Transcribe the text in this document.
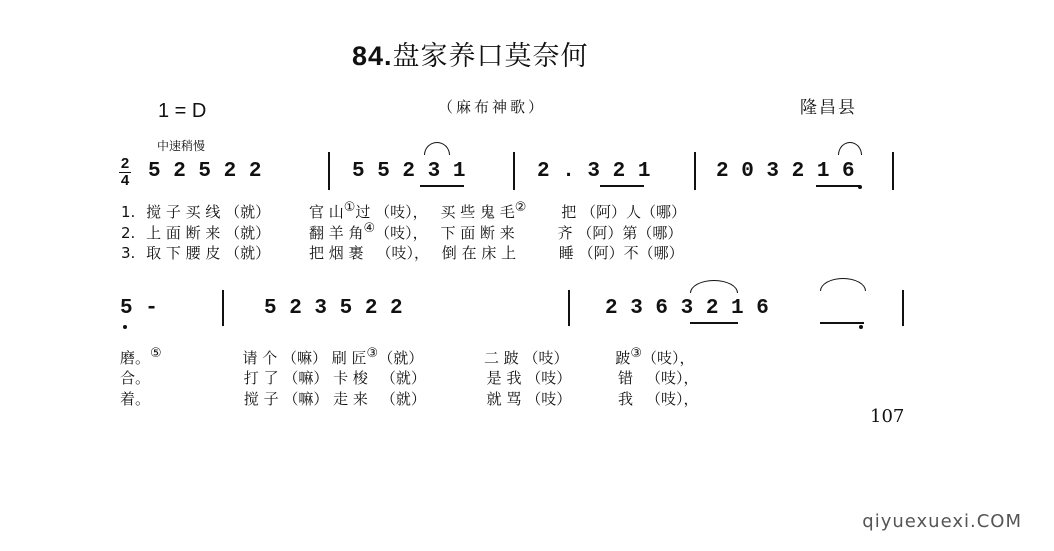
84.盘家养口莫奈何
1 = D	（麻布神歌）	隆昌县
中速稍慢
2
4 5 2 5 2 2	5 5 2 3 1	2 . 3 2 1	2 0 3 2 1 6
1. 搅 子 买 线 （就）	官 山①过 （吱）， 买 些 鬼 毛② 把 （阿）人（哪）
2. 上 面 断 来 （就）	翻 羊 角④（吱）， 下 面 断 来	齐 （阿）第（哪）
3. 取 下 腰 皮 （就）	把 烟 裹 （吱）， 倒 在 床 上	睡 （阿）不（哪）
5 -	5 2 3 5 2 2	2 3 6 3 2 1 6
磨。⑤	请 个 （嘛） 刷 匠③（就）	二 跛 （吱）	跛③（吱），
合。	打 了 （嘛） 卡 梭 （就）	是 我 （吱）	错 （吱），
着。	搅 子 （嘛） 走 来 （就）	就 骂 （吱）	我 （吱），
107
qiyuexuexi.COM
